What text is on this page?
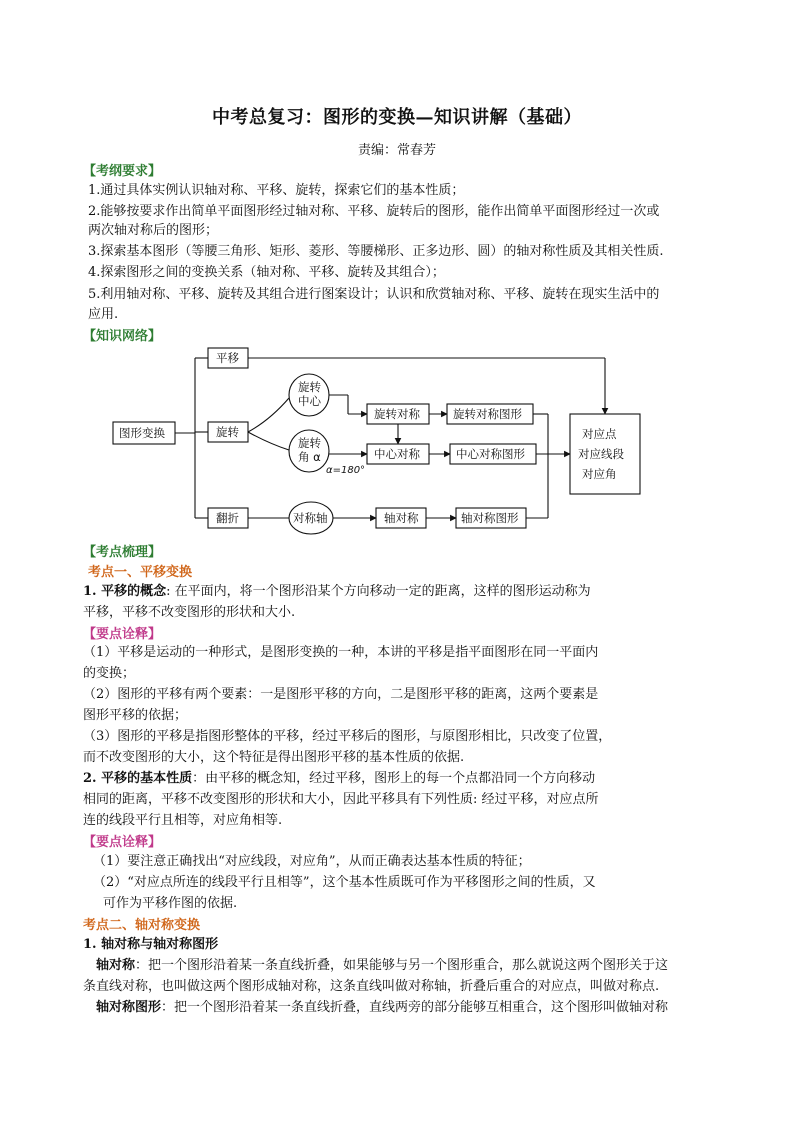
中考总复习：图形的变换—知识讲解（基础）
责编：常春芳
【考纲要求】
1.通过具体实例认识轴对称、平移、旋转，探索它们的基本性质；
2.能够按要求作出简单平面图形经过轴对称、平移、旋转后的图形，能作出简单平面图形经过一次或
两次轴对称后的图形；
3.探索基本图形（等腰三角形、矩形、菱形、等腰梯形、正多边形、圆）的轴对称性质及其相关性质.
4.探索图形之间的变换关系（轴对称、平移、旋转及其组合）；
5.利用轴对称、平移、旋转及其组合进行图案设计；认识和欣赏轴对称、平移、旋转在现实生活中的
应用.
【知识网络】
图形变换
平移
旋转
翻折
旋转
中心
旋转
角 α
α=180°
对称轴
旋转对称	旋转对称图形
中心对称	中心对称图形
轴对称	轴对称图形
对应点
对应线段
对应角
【考点梳理】
考点一、平移变换
1. 平移的概念: 在平面内，将一个图形沿某个方向移动一定的距离，这样的图形运动称为
平移，平移不改变图形的形状和大小.
【要点诠释】
（1）平移是运动的一种形式，是图形变换的一种，本讲的平移是指平面图形在同一平面内
的变换；
（2）图形的平移有两个要素：一是图形平移的方向，二是图形平移的距离，这两个要素是
图形平移的依据；
（3）图形的平移是指图形整体的平移，经过平移后的图形，与原图形相比，只改变了位置，
而不改变图形的大小，这个特征是得出图形平移的基本性质的依据.
2. 平移的基本性质：由平移的概念知，经过平移，图形上的每一个点都沿同一个方向移动
相同的距离，平移不改变图形的形状和大小，因此平移具有下列性质: 经过平移，对应点所
连的线段平行且相等，对应角相等.
【要点诠释】
（1）要注意正确找出“对应线段，对应角”，从而正确表达基本性质的特征；
（2）“对应点所连的线段平行且相等”，这个基本性质既可作为平移图形之间的性质，又
可作为平移作图的依据.
考点二、轴对称变换
1. 轴对称与轴对称图形
轴对称：把一个图形沿着某一条直线折叠，如果能够与另一个图形重合，那么就说这两个图形关于这
条直线对称，也叫做这两个图形成轴对称，这条直线叫做对称轴，折叠后重合的对应点，叫做对称点.
轴对称图形：把一个图形沿着某一条直线折叠，直线两旁的部分能够互相重合，这个图形叫做轴对称
